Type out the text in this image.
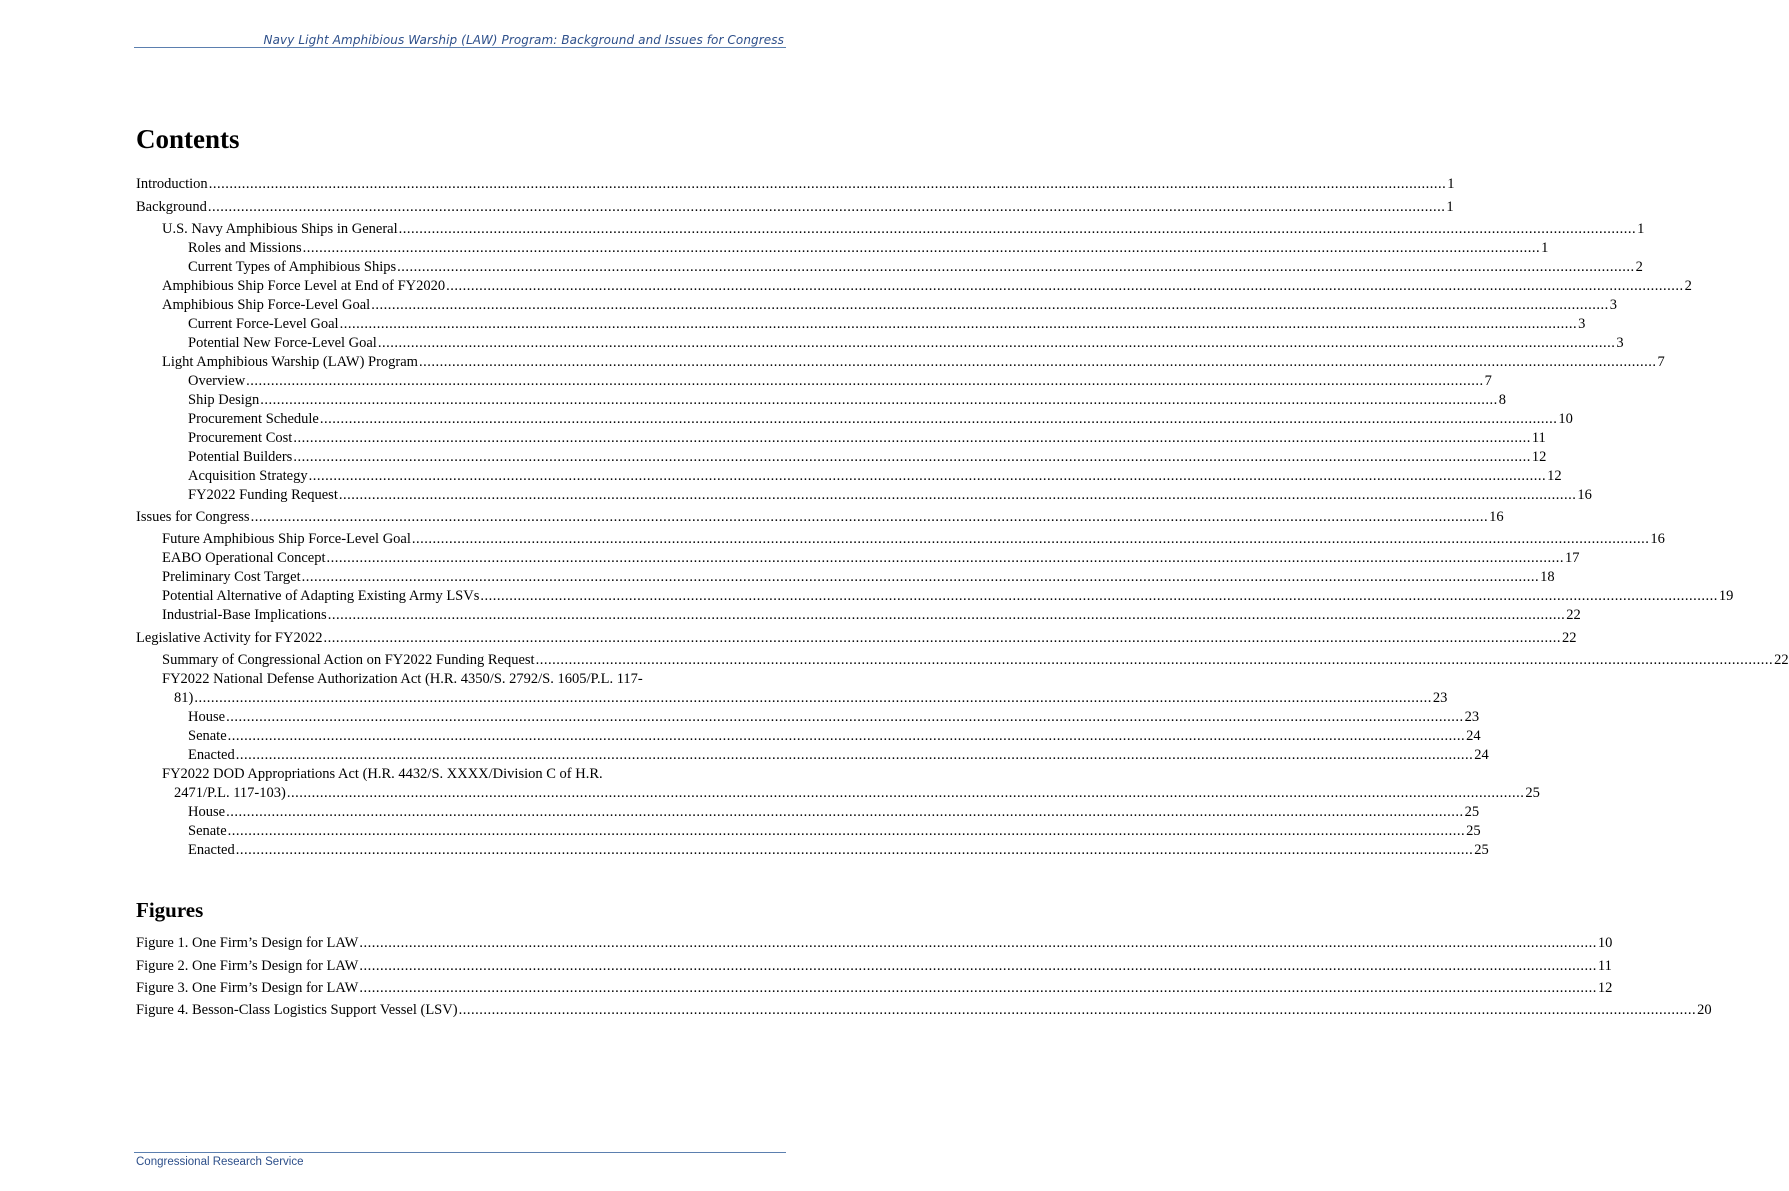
Navy Light Amphibious Warship (LAW) Program: Background and Issues for Congress
Contents
Introduction ............................................................................................................................................................................................................................................................................................................ 1
Background ............................................................................................................................................................................................................................................................................................................ 1
U.S. Navy Amphibious Ships in General ............................................................................................................................................................................................................................................................................................................ 1
Roles and Missions ............................................................................................................................................................................................................................................................................................................ 1
Current Types of Amphibious Ships ............................................................................................................................................................................................................................................................................................................ 2
Amphibious Ship Force Level at End of FY2020 ............................................................................................................................................................................................................................................................................................................ 2
Amphibious Ship Force-Level Goal ............................................................................................................................................................................................................................................................................................................ 3
Current Force-Level Goal ............................................................................................................................................................................................................................................................................................................ 3
Potential New Force-Level Goal ............................................................................................................................................................................................................................................................................................................ 3
Light Amphibious Warship (LAW) Program ............................................................................................................................................................................................................................................................................................................ 7
Overview ............................................................................................................................................................................................................................................................................................................ 7
Ship Design ............................................................................................................................................................................................................................................................................................................ 8
Procurement Schedule ............................................................................................................................................................................................................................................................................................................ 10
Procurement Cost ............................................................................................................................................................................................................................................................................................................ 11
Potential Builders ............................................................................................................................................................................................................................................................................................................ 12
Acquisition Strategy ............................................................................................................................................................................................................................................................................................................ 12
FY2022 Funding Request ............................................................................................................................................................................................................................................................................................................ 16
Issues for Congress ............................................................................................................................................................................................................................................................................................................ 16
Future Amphibious Ship Force-Level Goal ............................................................................................................................................................................................................................................................................................................ 16
EABO Operational Concept ............................................................................................................................................................................................................................................................................................................ 17
Preliminary Cost Target ............................................................................................................................................................................................................................................................................................................ 18
Potential Alternative of Adapting Existing Army LSVs ............................................................................................................................................................................................................................................................................................................ 19
Industrial-Base Implications ............................................................................................................................................................................................................................................................................................................ 22
Legislative Activity for FY2022 ............................................................................................................................................................................................................................................................................................................ 22
Summary of Congressional Action on FY2022 Funding Request ............................................................................................................................................................................................................................................................................................................ 22
FY2022 National Defense Authorization Act (H.R. 4350/S. 2792/S. 1605/P.L. 117-
81) ............................................................................................................................................................................................................................................................................................................ 23
House ............................................................................................................................................................................................................................................................................................................ 23
Senate ............................................................................................................................................................................................................................................................................................................ 24
Enacted ............................................................................................................................................................................................................................................................................................................ 24
FY2022 DOD Appropriations Act (H.R. 4432/S. XXXX/Division C of H.R.
2471/P.L. 117-103) ............................................................................................................................................................................................................................................................................................................ 25
House ............................................................................................................................................................................................................................................................................................................ 25
Senate ............................................................................................................................................................................................................................................................................................................ 25
Enacted ............................................................................................................................................................................................................................................................................................................ 25
Figures
Figure 1. One Firm’s Design for LAW ............................................................................................................................................................................................................................................................................................................ 10
Figure 2. One Firm’s Design for LAW ............................................................................................................................................................................................................................................................................................................ 11
Figure 3. One Firm’s Design for LAW ............................................................................................................................................................................................................................................................................................................ 12
Figure 4. Besson-Class Logistics Support Vessel (LSV) ............................................................................................................................................................................................................................................................................................................ 20
Congressional Research Service
